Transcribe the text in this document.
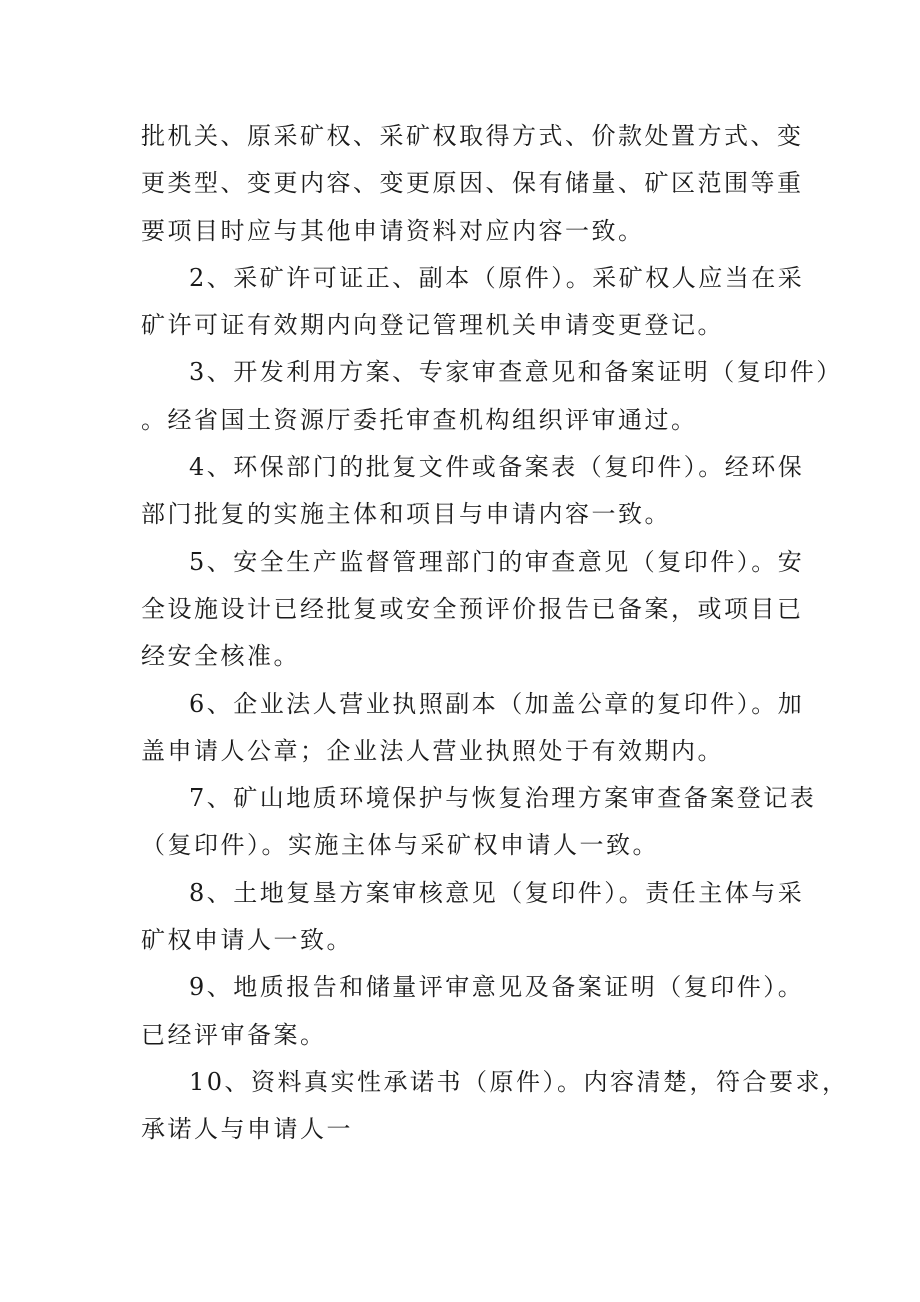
批机关、原采矿权、采矿权取得方式、价款处置方式、变
更类型、变更内容、变更原因、保有储量、矿区范围等重
要项目时应与其他申请资料对应内容一致。
2、采矿许可证正、副本（原件）。采矿权人应当在采
矿许可证有效期内向登记管理机关申请变更登记。
3、开发利用方案、专家审查意见和备案证明（复印件）
。经省国土资源厅委托审查机构组织评审通过。
4、环保部门的批复文件或备案表（复印件）。经环保
部门批复的实施主体和项目与申请内容一致。
5、安全生产监督管理部门的审查意见（复印件）。安
全设施设计已经批复或安全预评价报告已备案，或项目已
经安全核准。
6、企业法人营业执照副本（加盖公章的复印件）。加
盖申请人公章；企业法人营业执照处于有效期内。
7、矿山地质环境保护与恢复治理方案审查备案登记表
（复印件）。实施主体与采矿权申请人一致。
8、土地复垦方案审核意见（复印件）。责任主体与采
矿权申请人一致。
9、地质报告和储量评审意见及备案证明（复印件）。
已经评审备案。
10、资料真实性承诺书（原件）。内容清楚，符合要求，
承诺人与申请人一
